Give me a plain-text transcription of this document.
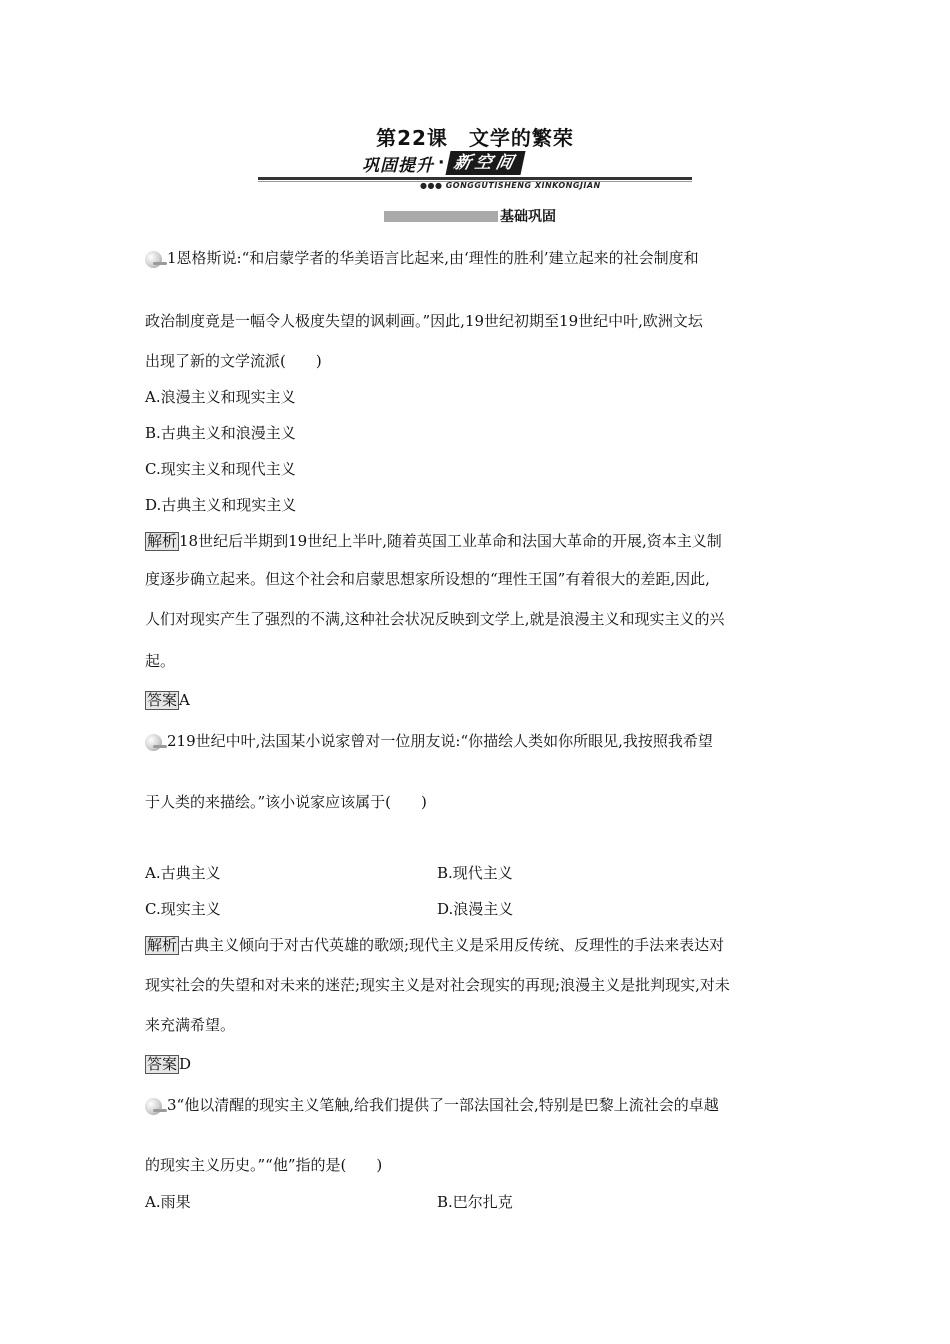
第22课　文学的繁荣
巩固提升 · 新空间
●●● GONGGUTISHENG XINKONGJIAN
基础巩固
1恩格斯说:“和启蒙学者的华美语言比起来,由‘理性的胜利’建立起来的社会制度和
政治制度竟是一幅令人极度失望的讽刺画。”因此,19世纪初期至19世纪中叶,欧洲文坛
出现了新的文学流派(　　)
A.浪漫主义和现实主义
B.古典主义和浪漫主义
C.现实主义和现代主义
D.古典主义和现实主义
解析 18世纪后半期到19世纪上半叶,随着英国工业革命和法国大革命的开展,资本主义制
度逐步确立起来。但这个社会和启蒙思想家所设想的“理性王国”有着很大的差距,因此,
人们对现实产生了强烈的不满,这种社会状况反映到文学上,就是浪漫主义和现实主义的兴
起。
答案 A
219世纪中叶,法国某小说家曾对一位朋友说:“你描绘人类如你所眼见,我按照我希望
于人类的来描绘。”该小说家应该属于(　　)
A.古典主义	B.现代主义
C.现实主义	D.浪漫主义
解析 古典主义倾向于对古代英雄的歌颂;现代主义是采用反传统、反理性的手法来表达对
现实社会的失望和对未来的迷茫;现实主义是对社会现实的再现;浪漫主义是批判现实,对未
来充满希望。
答案 D
3“他以清醒的现实主义笔触,给我们提供了一部法国社会,特别是巴黎上流社会的卓越
的现实主义历史。”“他”指的是(　　)
A.雨果	B.巴尔扎克
